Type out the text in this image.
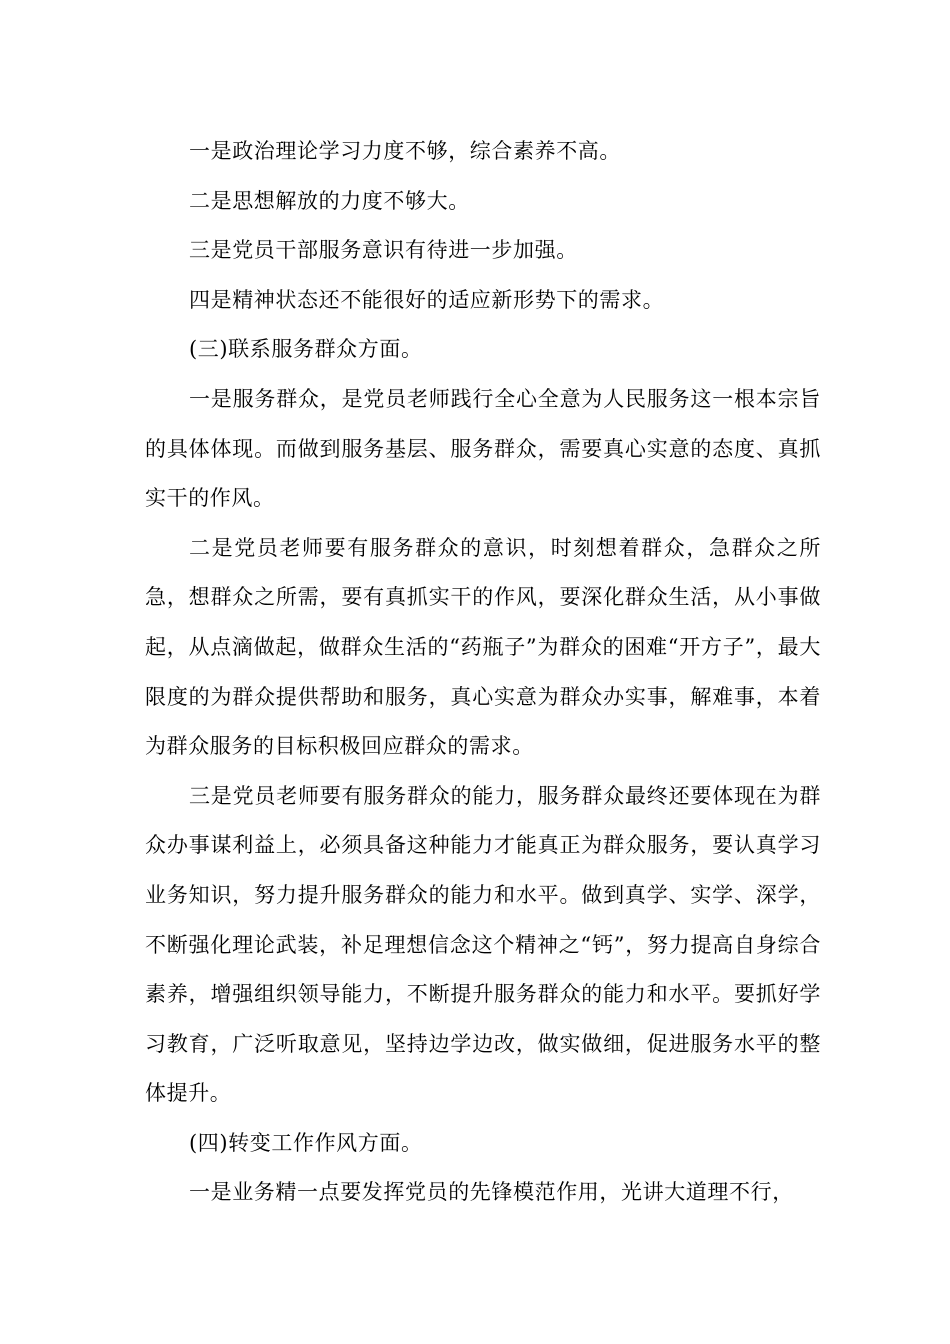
一是政治理论学习力度不够，综合素养不高。

二是思想解放的力度不够大。

三是党员干部服务意识有待进一步加强。

四是精神状态还不能很好的适应新形势下的需求。

(三)联系服务群众方面。

一是服务群众，是党员老师践行全心全意为人民服务这一根本宗旨的具体体现。而做到服务基层、服务群众，需要真心实意的态度、真抓实干的作风。

二是党员老师要有服务群众的意识，时刻想着群众，急群众之所急，想群众之所需，要有真抓实干的作风，要深化群众生活，从小事做起，从点滴做起，做群众生活的“药瓶子”为群众的困难“开方子”，最大限度的为群众提供帮助和服务，真心实意为群众办实事，解难事，本着为群众服务的目标积极回应群众的需求。

三是党员老师要有服务群众的能力，服务群众最终还要体现在为群众办事谋利益上，必须具备这种能力才能真正为群众服务，要认真学习业务知识，努力提升服务群众的能力和水平。做到真学、实学、深学，不断强化理论武装，补足理想信念这个精神之“钙”，努力提高自身综合素养，增强组织领导能力，不断提升服务群众的能力和水平。要抓好学习教育，广泛听取意见，坚持边学边改，做实做细，促进服务水平的整体提升。

(四)转变工作作风方面。

一是业务精一点要发挥党员的先锋模范作用，光讲大道理不行，
